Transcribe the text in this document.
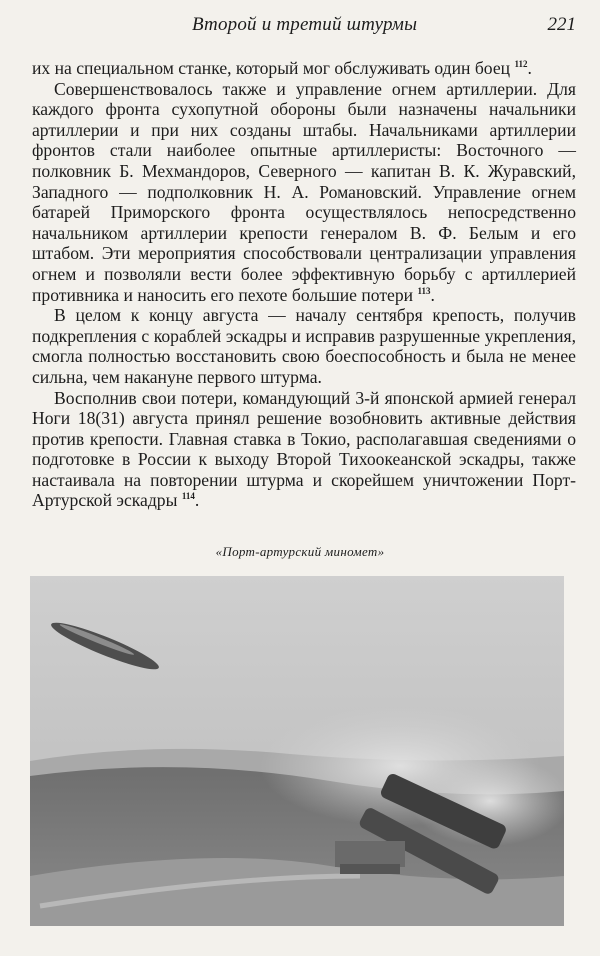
Второй и третий штурмы	221

их на специальном станке, который мог обслуживать один боец $^{112}$.

Совершенствовалось также и управление огнем артиллерии. Для каждого фронта сухопутной обороны были назначены начальники артиллерии и при них созданы штабы. Начальниками артиллерии фронтов стали наиболее опытные артиллеристы: Восточного — полковник Б. Мехмандоров, Северного — капитан В. К. Журавский, Западного — подполковник Н. А. Романовский. Управление огнем батарей Приморского фронта осуществлялось непосредственно начальником артиллерии крепости генералом В. Ф. Белым и его штабом. Эти мероприятия способствовали централизации управления огнем и позволяли вести более эффективную борьбу с артиллерией противника и наносить его пехоте большие потери $^{113}$.

В целом к концу августа — началу сентября крепость, получив подкрепления с кораблей эскадры и исправив разрушенные укрепления, смогла полностью восстановить свою боеспособность и была не менее сильна, чем накануне первого штурма.

Восполнив свои потери, командующий 3-й японской армией генерал Ноги 18(31) августа принял решение возобновить активные действия против крепости. Главная ставка в Токио, располагавшая сведениями о подготовке в России к выходу Второй Тихоокеанской эскадры, также настаивала на повторении штурма и скорейшем уничтожении Порт-Артурской эскадры $^{114}$.

«Порт-артурский миномет»
